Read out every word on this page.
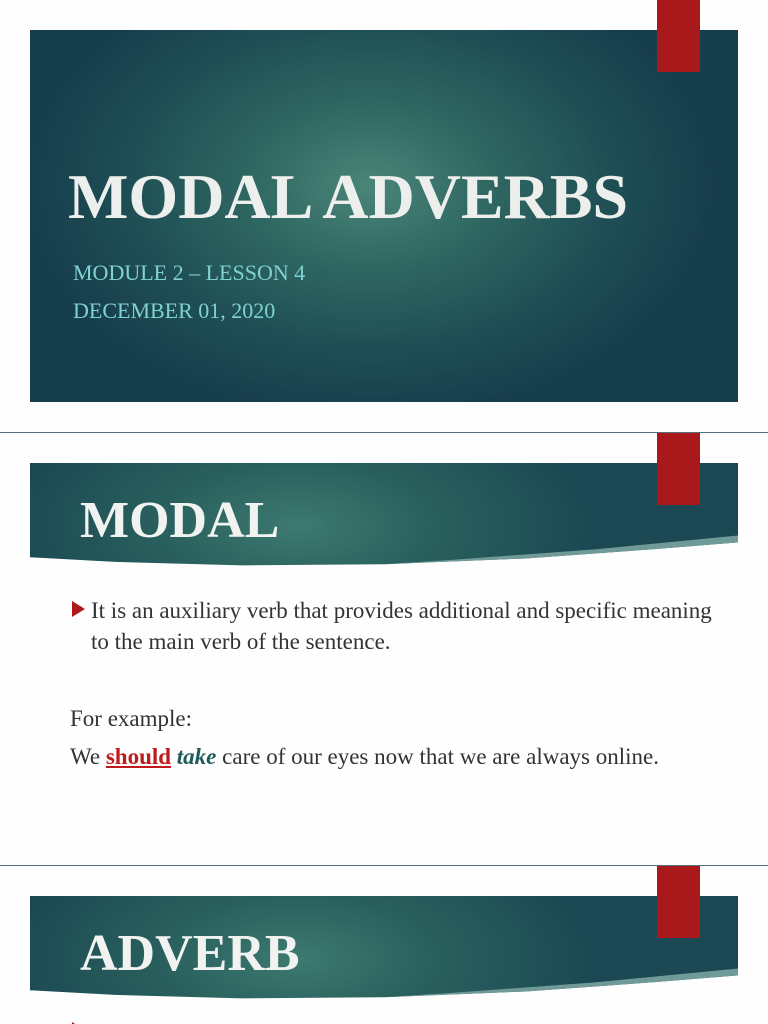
MODAL ADVERBS

MODULE 2 – LESSON 4

DECEMBER 01, 2020

MODAL

It is an auxiliary verb that provides additional and specific meaning to the main verb of the sentence.

For example:

We should take care of our eyes now that we are always online.

ADVERB
